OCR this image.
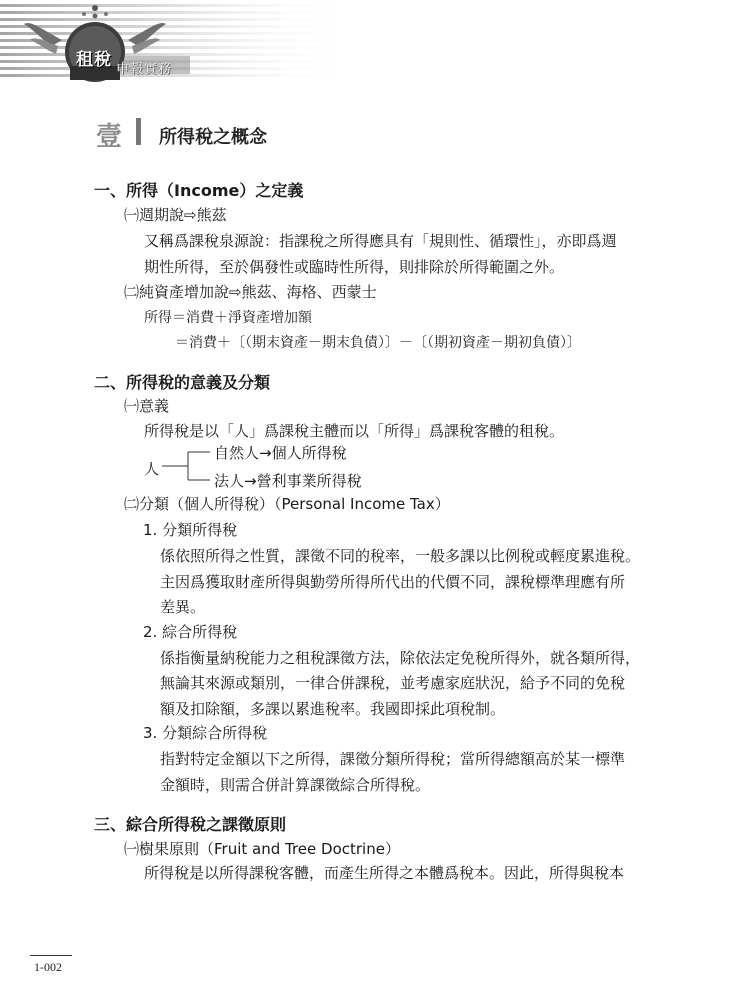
租稅 申報實務
壹 所得稅之概念
一、所得（Income）之定義
㈠週期說⇨熊茲
又稱爲課稅泉源說：指課稅之所得應具有「規則性、循環性」，亦即爲週
期性所得，至於偶發性或臨時性所得，則排除於所得範圍之外。
㈡純資產增加說⇨熊茲、海格、西蒙士
所得＝消費＋淨資產增加額
＝消費＋〔（期末資產－期末負債）〕－〔（期初資產－期初負債）〕
二、所得稅的意義及分類
㈠意義
所得稅是以「人」爲課稅主體而以「所得」爲課稅客體的租稅。
人
自然人→個人所得稅
法人→營利事業所得稅
㈡分類（個人所得稅）（Personal Income Tax）
1. 分類所得稅
係依照所得之性質，課徵不同的稅率，一般多課以比例稅或輕度累進稅。
主因爲獲取財產所得與勤勞所得所代出的代價不同，課稅標準理應有所
差異。
2. 綜合所得稅
係指衡量納稅能力之租稅課徵方法，除依法定免稅所得外，就各類所得，
無論其來源或類別，一律合併課稅，並考慮家庭狀況，給予不同的免稅
額及扣除額，多課以累進稅率。我國即採此項稅制。
3. 分類綜合所得稅
指對特定金額以下之所得，課徵分類所得稅；當所得總額高於某一標準
金額時，則需合併計算課徵綜合所得稅。
三、綜合所得稅之課徵原則
㈠樹果原則（Fruit and Tree Doctrine）
所得稅是以所得課稅客體，而產生所得之本體爲稅本。因此，所得與稅本
1-002
